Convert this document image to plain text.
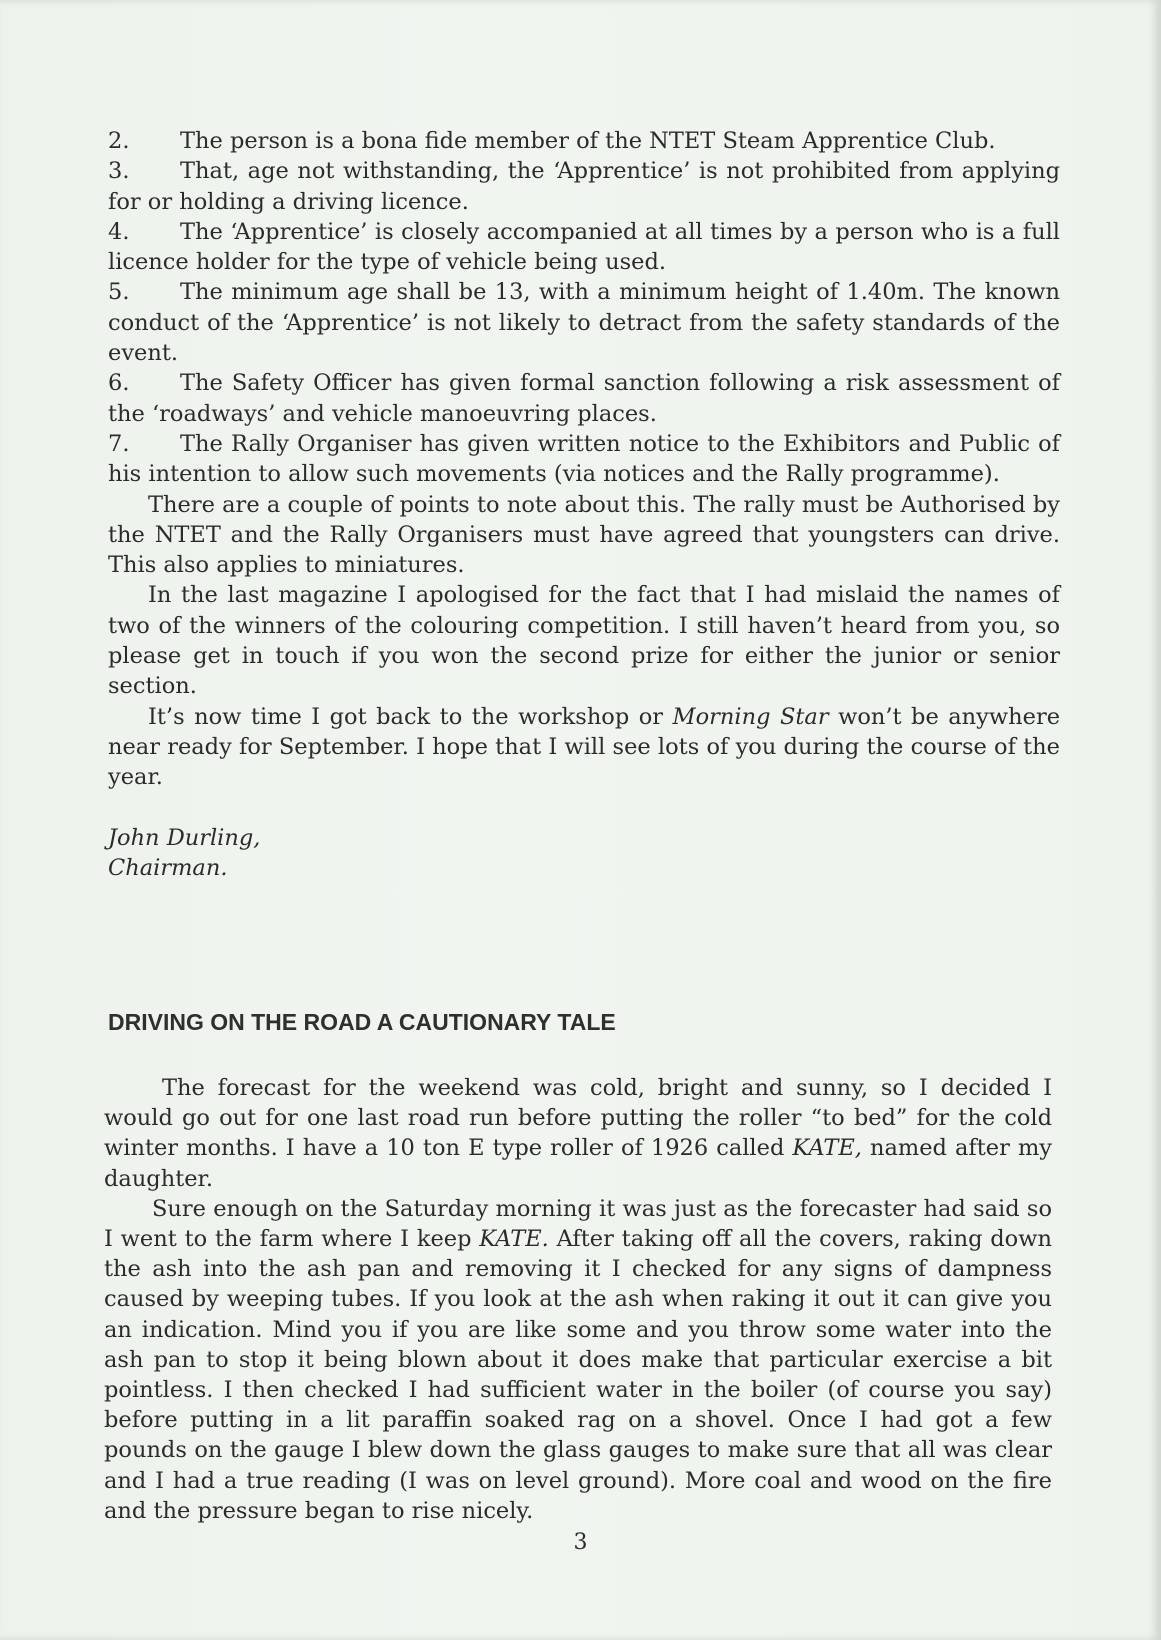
2. The person is a bona fide member of the NTET Steam Apprentice Club.
3. That, age not withstanding, the ‘Apprentice’ is not prohibited from applying for or holding a driving licence.
4. The ‘Apprentice’ is closely accompanied at all times by a person who is a full licence holder for the type of vehicle being used.
5. The minimum age shall be 13, with a minimum height of 1.40m. The known conduct of the ‘Apprentice’ is not likely to detract from the safety standards of the event.
6. The Safety Officer has given formal sanction following a risk assessment of the ‘roadways’ and vehicle manoeuvring places.
7. The Rally Organiser has given written notice to the Exhibitors and Public of his intention to allow such movements (via notices and the Rally programme).
There are a couple of points to note about this. The rally must be Authorised by the NTET and the Rally Organisers must have agreed that youngsters can drive. This also applies to miniatures.
In the last magazine I apologised for the fact that I had mislaid the names of two of the winners of the colouring competition. I still haven’t heard from you, so please get in touch if you won the second prize for either the junior or senior section.
It’s now time I got back to the workshop or Morning Star won’t be anywhere near ready for September. I hope that I will see lots of you during the course of the year.
John Durling,
Chairman.
DRIVING ON THE ROAD A CAUTIONARY TALE
The forecast for the weekend was cold, bright and sunny, so I decided I would go out for one last road run before putting the roller “to bed” for the cold winter months. I have a 10 ton E type roller of 1926 called KATE, named after my daughter.
Sure enough on the Saturday morning it was just as the forecaster had said so I went to the farm where I keep KATE. After taking off all the covers, raking down the ash into the ash pan and removing it I checked for any signs of dampness caused by weeping tubes. If you look at the ash when raking it out it can give you an indication. Mind you if you are like some and you throw some water into the ash pan to stop it being blown about it does make that particular exercise a bit pointless. I then checked I had sufficient water in the boiler (of course you say) before putting in a lit paraffin soaked rag on a shovel. Once I had got a few pounds on the gauge I blew down the glass gauges to make sure that all was clear and I had a true reading (I was on level ground). More coal and wood on the fire and the pressure began to rise nicely.
3
